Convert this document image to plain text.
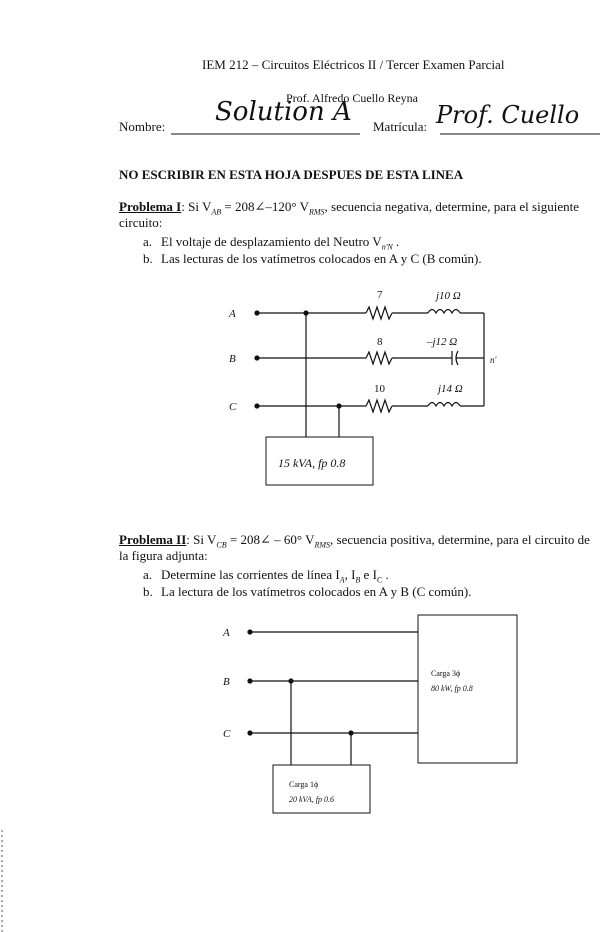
IEM 212 – Circuitos Eléctricos II / Tercer Examen Parcial
Prof. Alfredo Cuello Reyna
Nombre: Solution A Matrícula: Prof. Cuello
NO ESCRIBIR EN ESTA HOJA DESPUES DE ESTA LINEA
Problema I: Si $V_{AB}$ = 208∠–120° $V_{RMS}$, secuencia negativa, determine, para el siguiente
circuito:
a. El voltaje de desplazamiento del Neutro $V_{n'N}$ .
b. Las lecturas de los vatímetros colocados en A y C (B común).
A
B
C
7
8
10
j10 Ω
–j12 Ω
j14 Ω
n'
15 kVA, fp 0.8
Problema II: Si $V_{CB}$ = 208∠ – 60° $V_{RMS}$, secuencia positiva, determine, para el circuito de
la figura adjunta:
a. Determine las corrientes de línea $I_A$, $I_B$ e $I_C$ .
b. La lectura de los vatímetros colocados en A y B (C común).
A
B
C
Carga 3ϕ
80 kW, fp 0.8
Carga 1ϕ
20 kVA, fp 0.6
